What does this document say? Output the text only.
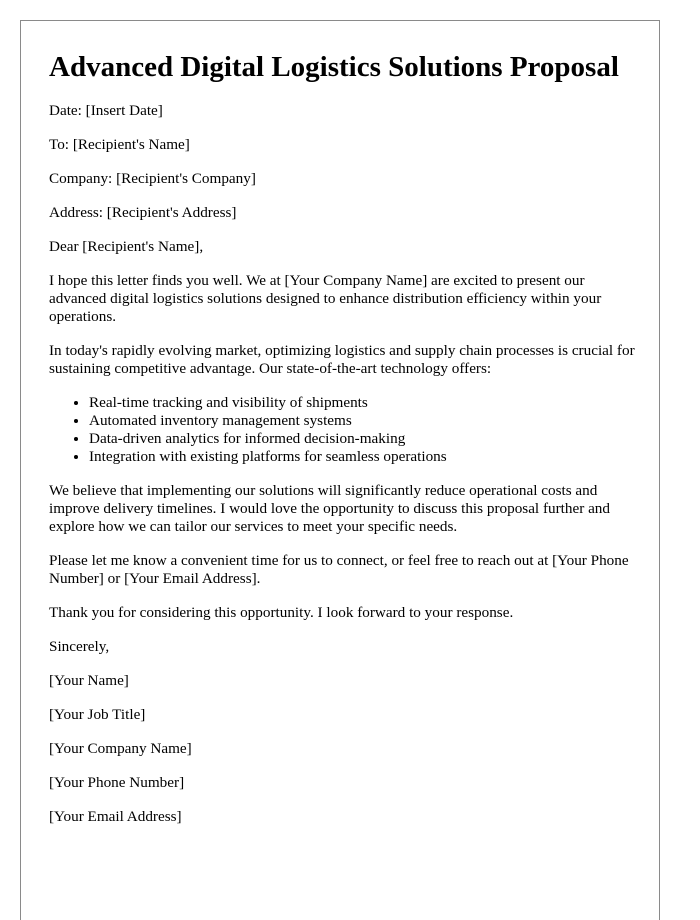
Advanced Digital Logistics Solutions Proposal

Date: [Insert Date]

To: [Recipient's Name]

Company: [Recipient's Company]

Address: [Recipient's Address]

Dear [Recipient's Name],

I hope this letter finds you well. We at [Your Company Name] are excited to present our advanced digital logistics solutions designed to enhance distribution efficiency within your operations.

In today's rapidly evolving market, optimizing logistics and supply chain processes is crucial for sustaining competitive advantage. Our state-of-the-art technology offers:

• Real-time tracking and visibility of shipments
• Automated inventory management systems
• Data-driven analytics for informed decision-making
• Integration with existing platforms for seamless operations

We believe that implementing our solutions will significantly reduce operational costs and improve delivery timelines. I would love the opportunity to discuss this proposal further and explore how we can tailor our services to meet your specific needs.

Please let me know a convenient time for us to connect, or feel free to reach out at [Your Phone Number] or [Your Email Address].

Thank you for considering this opportunity. I look forward to your response.

Sincerely,

[Your Name]

[Your Job Title]

[Your Company Name]

[Your Phone Number]

[Your Email Address]
